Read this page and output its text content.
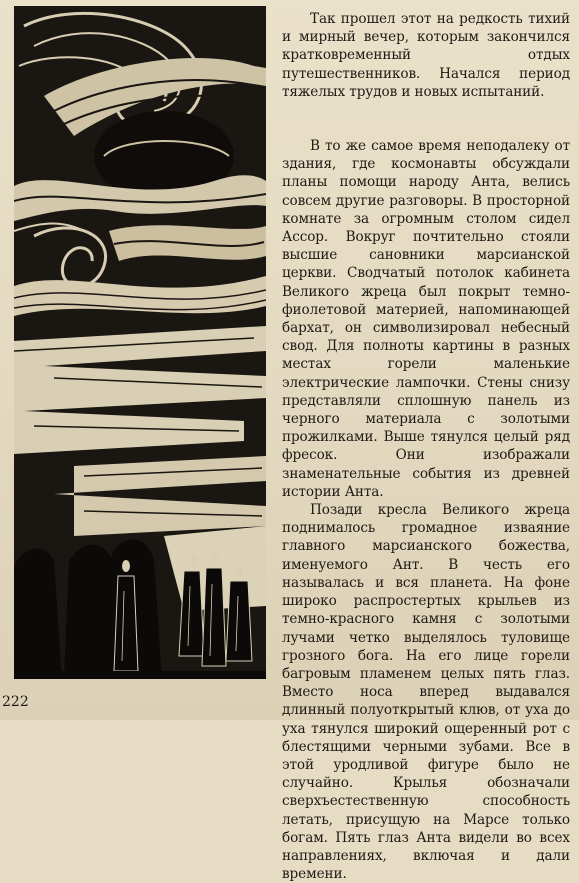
Так прошел этот на редкость тихий и мирный вечер, которым закончился кратковременный отдых путешественников. Начался период тяжелых трудов и новых испытаний.

В то же самое время неподалеку от здания, где космонавты обсуждали планы помощи народу Анта, велись совсем другие разговоры. В просторной комнате за огромным столом сидел Ассор. Вокруг почтительно стояли высшие сановники марсианской церкви. Сводчатый потолок кабинета Великого жреца был покрыт темно-фиолетовой материей, напоминающей бархат, он символизировал небесный свод. Для полноты картины в разных местах горели маленькие электрические лампочки. Стены снизу представляли сплошную панель из черного материала с золотыми прожилками. Выше тянулся целый ряд фресок. Они изображали знаменательные события из древней истории Анта.

Позади кресла Великого жреца поднималось громадное изваяние главного марсианского божества, именуемого Ант. В честь его называлась и вся планета. На фоне широко распростертых крыльев из темно-красного камня с золотыми лучами четко выделялось туловище грозного бога. На его лице горели багровым пламенем целых пять глаз. Вместо носа вперед выдавался длинный полуоткрытый клюв, от уха до уха тянулся широкий ощеренный рот с блестящими черными зубами. Все в этой уродливой фигуре было не случайно. Крылья обозначали сверхъестественную способность летать, присущую на Марсе только богам. Пять глаз Анта видели во всех направлениях, включая и дали времени.

222
